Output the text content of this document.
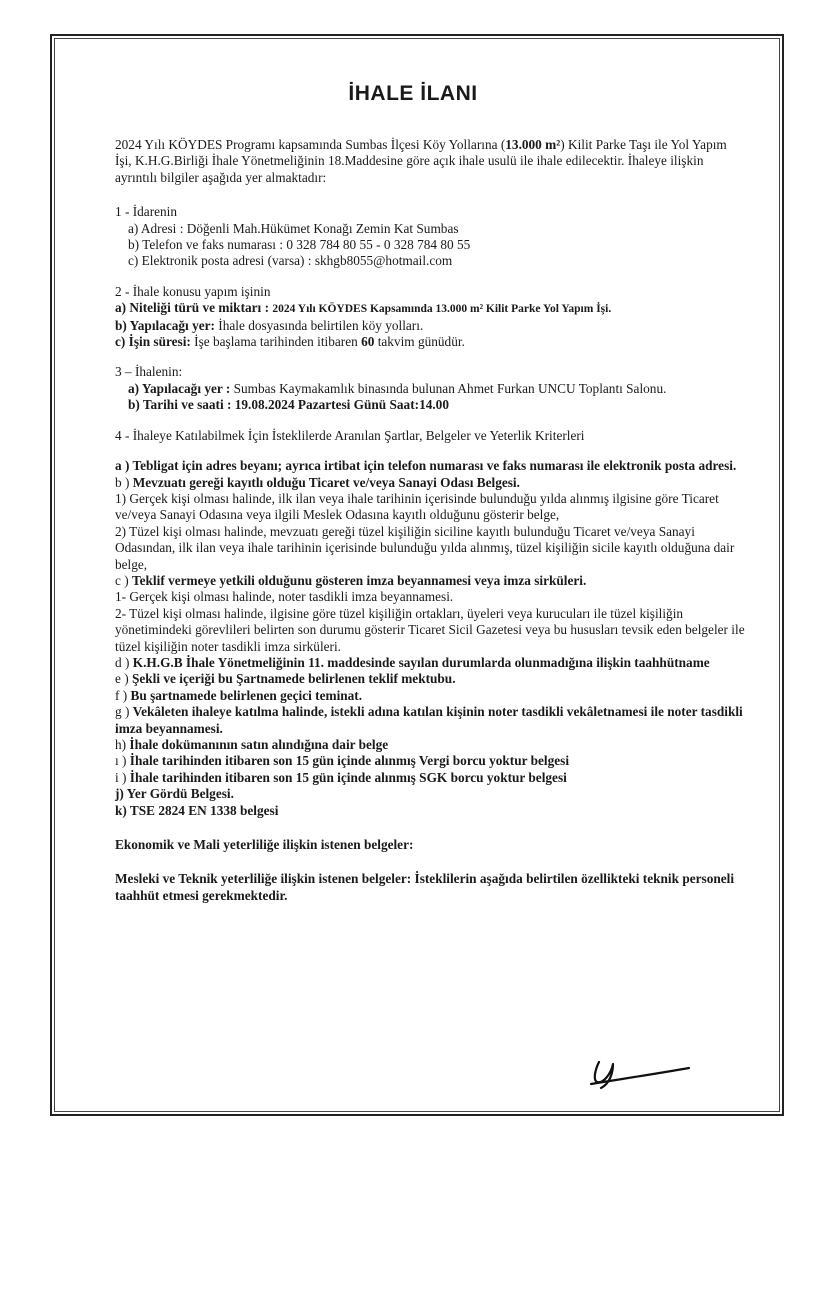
İHALE İLANI

2024 Yılı KÖYDES Programı kapsamında Sumbas İlçesi Köy Yollarına (13.000 m²) Kilit Parke Taşı ile Yol Yapım İşi, K.H.G.Birliği İhale Yönetmeliğinin 18.Maddesine göre açık ihale usulü ile ihale edilecektir. İhaleye ilişkin ayrıntılı bilgiler aşağıda yer almaktadır:

1 - İdarenin

a) Adresi : Döğenli Mah.Hükümet Konağı Zemin Kat Sumbas

b) Telefon ve faks numarası : 0 328 784 80 55 - 0 328 784 80 55

c) Elektronik posta adresi (varsa) : skhgb8055@hotmail.com

2 - İhale konusu yapım işinin

a) Niteliği türü ve miktarı : 2024 Yılı KÖYDES Kapsamında 13.000 m² Kilit Parke Yol Yapım İşi.

b) Yapılacağı yer: İhale dosyasında belirtilen köy yolları.

c) İşin süresi: İşe başlama tarihinden itibaren 60 takvim günüdür.

3 – İhalenin:

a) Yapılacağı yer : Sumbas Kaymakamlık binasında bulunan Ahmet Furkan UNCU Toplantı Salonu.

b) Tarihi ve saati : 19.08.2024 Pazartesi Günü Saat:14.00

4 - İhaleye Katılabilmek İçin İsteklilerde Aranılan Şartlar, Belgeler ve Yeterlik Kriterleri

a ) Tebligat için adres beyanı; ayrıca irtibat için telefon numarası ve faks numarası ile elektronik posta adresi.

b ) Mevzuatı gereği kayıtlı olduğu Ticaret ve/veya Sanayi Odası Belgesi.

1) Gerçek kişi olması halinde, ilk ilan veya ihale tarihinin içerisinde bulunduğu yılda alınmış ilgisine göre Ticaret ve/veya Sanayi Odasına veya ilgili Meslek Odasına kayıtlı olduğunu gösterir belge,

2) Tüzel kişi olması halinde, mevzuatı gereği tüzel kişiliğin siciline kayıtlı bulunduğu Ticaret ve/veya Sanayi Odasından, ilk ilan veya ihale tarihinin içerisinde bulunduğu yılda alınmış, tüzel kişiliğin sicile kayıtlı olduğuna dair belge,

c ) Teklif vermeye yetkili olduğunu gösteren imza beyannamesi veya imza sirküleri.

1- Gerçek kişi olması halinde, noter tasdikli imza beyannamesi.

2- Tüzel kişi olması halinde, ilgisine göre tüzel kişiliğin ortakları, üyeleri veya kurucuları ile tüzel kişiliğin yönetimindeki görevlileri belirten son durumu gösterir Ticaret Sicil Gazetesi veya bu hususları tevsik eden belgeler ile tüzel kişiliğin noter tasdikli imza sirküleri.

d ) K.H.G.B İhale Yönetmeliğinin 11. maddesinde sayılan durumlarda olunmadığına ilişkin taahhütname

e ) Şekli ve içeriği bu Şartnamede belirlenen teklif mektubu.

f ) Bu şartnamede belirlenen geçici teminat.

g ) Vekâleten ihaleye katılma halinde, istekli adına katılan kişinin noter tasdikli vekâletnamesi ile noter tasdikli imza beyannamesi.

h) İhale dokümanının satın alındığına dair belge

ı ) İhale tarihinden itibaren son 15 gün içinde alınmış Vergi borcu yoktur belgesi

i ) İhale tarihinden itibaren son 15 gün içinde alınmış SGK borcu yoktur belgesi

j) Yer Gördü Belgesi.

k) TSE 2824 EN 1338 belgesi

Ekonomik ve Mali yeterliliğe ilişkin istenen belgeler:

Mesleki ve Teknik yeterliliğe ilişkin istenen belgeler: İsteklilerin aşağıda belirtilen özellikteki teknik personeli taahhüt etmesi gerekmektedir.
